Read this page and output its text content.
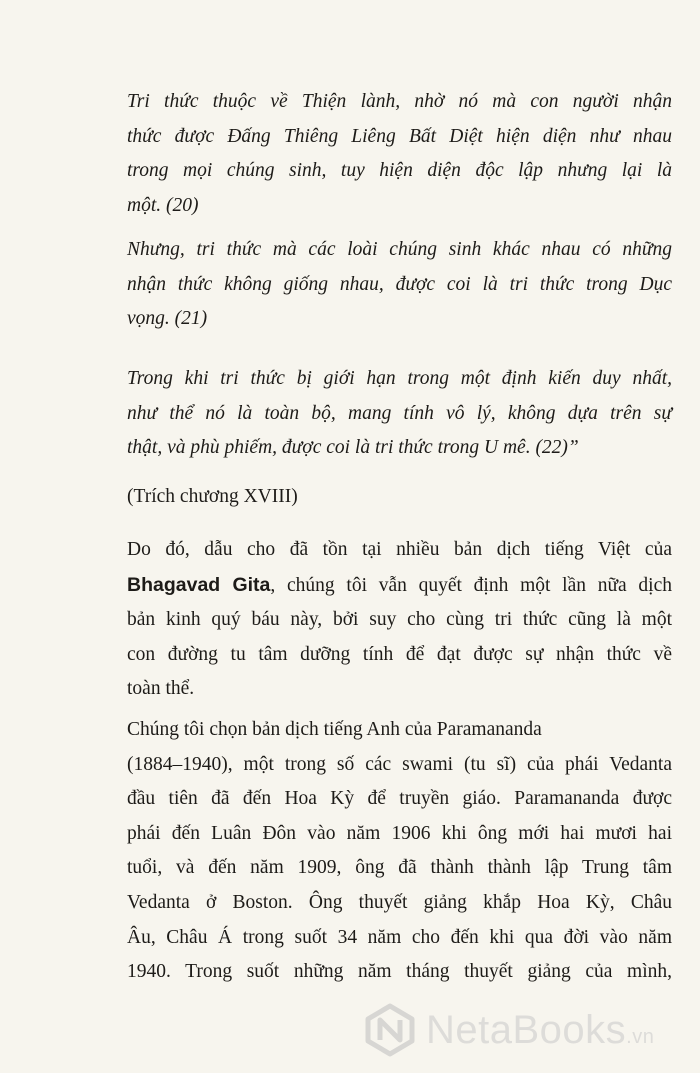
Tri thức thuộc về Thiện lành, nhờ nó mà con người nhận
thức được Đấng Thiêng Liêng Bất Diệt hiện diện như nhau
trong mọi chúng sinh, tuy hiện diện độc lập nhưng lại là
một. (20)
Nhưng, tri thức mà các loài chúng sinh khác nhau có những
nhận thức không giống nhau, được coi là tri thức trong Dục
vọng. (21)
Trong khi tri thức bị giới hạn trong một định kiến duy nhất,
như thể nó là toàn bộ, mang tính vô lý, không dựa trên sự
thật, và phù phiếm, được coi là tri thức trong U mê. (22)”

(Trích chương XVIII)

Do đó, dẫu cho đã tồn tại nhiều bản dịch tiếng Việt của
Bhagavad Gita, chúng tôi vẫn quyết định một lần nữa dịch
bản kinh quý báu này, bởi suy cho cùng tri thức cũng là một
con đường tu tâm dưỡng tính để đạt được sự nhận thức về
toàn thể.
Chúng tôi chọn bản dịch tiếng Anh của Paramananda
(1884–1940), một trong số các swami (tu sĩ) của phái Vedanta
đầu tiên đã đến Hoa Kỳ để truyền giáo. Paramananda được
phái đến Luân Đôn vào năm 1906 khi ông mới hai mươi hai
tuổi, và đến năm 1909, ông đã thành thành lập Trung tâm
Vedanta ở Boston. Ông thuyết giảng khắp Hoa Kỳ, Châu
Âu, Châu Á trong suốt 34 năm cho đến khi qua đời vào năm
1940. Trong suốt những năm tháng thuyết giảng của mình,
NetaBooks.vn
